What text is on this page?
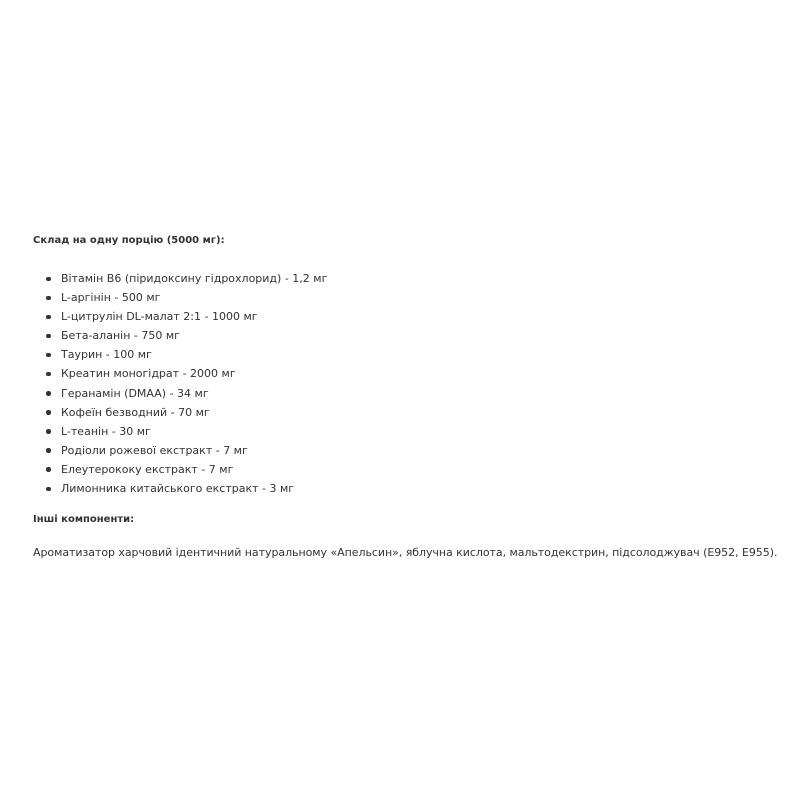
Склад на одну порцію (5000 мг):

Вітамін В6 (піридоксину гідрохлорид) - 1,2 мг
L-аргінін - 500 мг
L-цитрулін DL-малат 2:1 - 1000 мг
Бета-аланін - 750 мг
Таурин - 100 мг
Креатин моногідрат - 2000 мг
Геранамін (DMAA) - 34 мг
Кофеїн безводний - 70 мг
L-теанін - 30 мг
Родіоли рожевої екстракт - 7 мг
Елеутерококу екстракт - 7 мг
Лимонника китайського екстракт - 3 мг

Інші компоненти:

Ароматизатор харчовий ідентичний натуральному «Апельсин», яблучна кислота, мальтодекстрин, підсолоджувач (Е952, Е955).
